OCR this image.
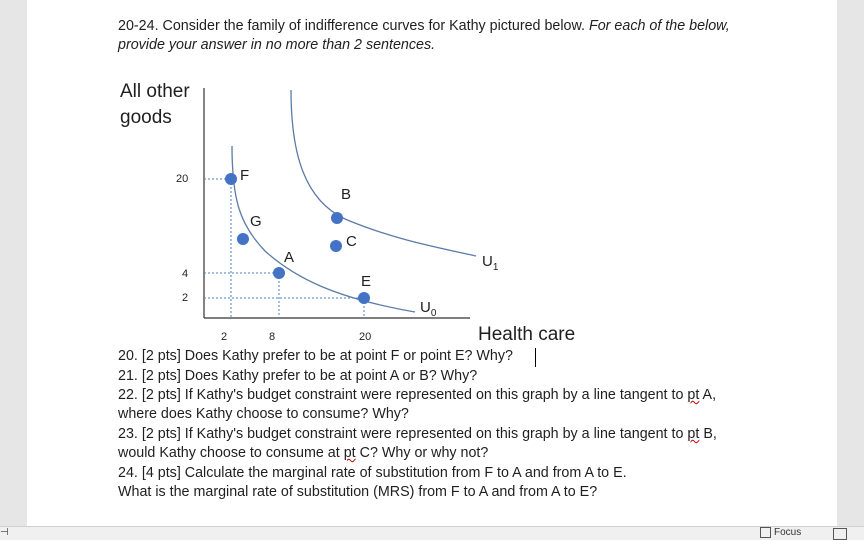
20-24. Consider the family of indifference curves for Kathy pictured below. For each of the below,
provide your answer in no more than 2 sentences.
All other
goods
20
4
2
2	8	20
F
G
A
E
B
C
$U_1$
$U_0$
Health care
20. [2 pts] Does Kathy prefer to be at point F or point E? Why?
21. [2 pts] Does Kathy prefer to be at point A or B? Why?
22. [2 pts] If Kathy's budget constraint were represented on this graph by a line tangent to pt A,
where does Kathy choose to consume? Why?
23. [2 pts] If Kathy's budget constraint were represented on this graph by a line tangent to pt B,
would Kathy choose to consume at pt C? Why or why not?
24. [4 pts] Calculate the marginal rate of substitution from F to A and from A to E.
What is the marginal rate of substitution (MRS) from F to A and from A to E?
⊣	Focus
